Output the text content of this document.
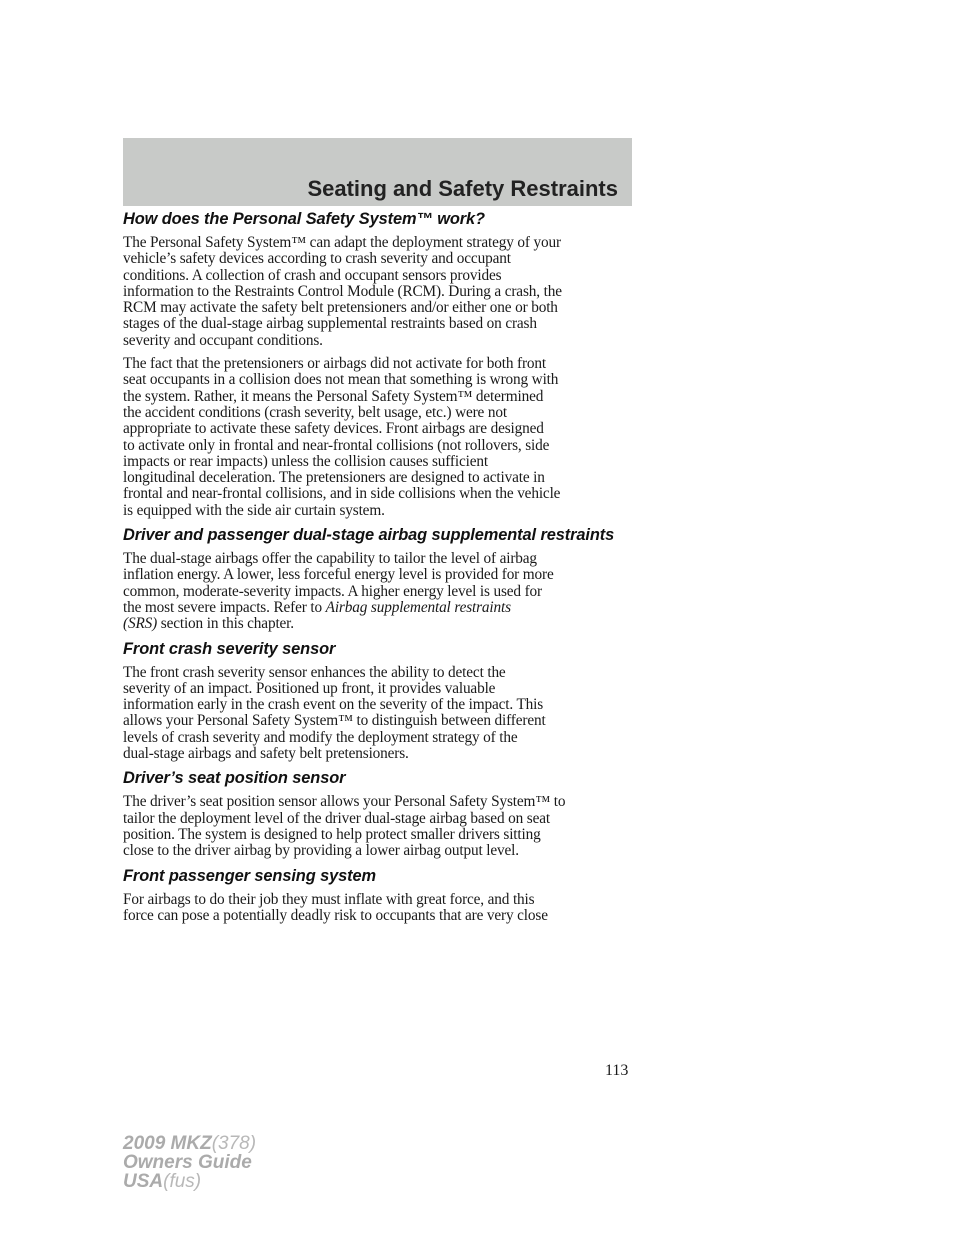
Seating and Safety Restraints
How does the Personal Safety System™ work?

The Personal Safety System™ can adapt the deployment strategy of your
vehicle’s safety devices according to crash severity and occupant
conditions. A collection of crash and occupant sensors provides
information to the Restraints Control Module (RCM). During a crash, the
RCM may activate the safety belt pretensioners and/or either one or both
stages of the dual-stage airbag supplemental restraints based on crash
severity and occupant conditions.

The fact that the pretensioners or airbags did not activate for both front
seat occupants in a collision does not mean that something is wrong with
the system. Rather, it means the Personal Safety System™ determined
the accident conditions (crash severity, belt usage, etc.) were not
appropriate to activate these safety devices. Front airbags are designed
to activate only in frontal and near-frontal collisions (not rollovers, side
impacts or rear impacts) unless the collision causes sufficient
longitudinal deceleration. The pretensioners are designed to activate in
frontal and near-frontal collisions, and in side collisions when the vehicle
is equipped with the side air curtain system.

Driver and passenger dual-stage airbag supplemental restraints

The dual-stage airbags offer the capability to tailor the level of airbag
inflation energy. A lower, less forceful energy level is provided for more
common, moderate-severity impacts. A higher energy level is used for
the most severe impacts. Refer to Airbag supplemental restraints
(SRS) section in this chapter.

Front crash severity sensor

The front crash severity sensor enhances the ability to detect the
severity of an impact. Positioned up front, it provides valuable
information early in the crash event on the severity of the impact. This
allows your Personal Safety System™ to distinguish between different
levels of crash severity and modify the deployment strategy of the
dual-stage airbags and safety belt pretensioners.

Driver’s seat position sensor

The driver’s seat position sensor allows your Personal Safety System™ to
tailor the deployment level of the driver dual-stage airbag based on seat
position. The system is designed to help protect smaller drivers sitting
close to the driver airbag by providing a lower airbag output level.

Front passenger sensing system

For airbags to do their job they must inflate with great force, and this
force can pose a potentially deadly risk to occupants that are very close

113
2009 MKZ(378)
Owners Guide
USA(fus)
